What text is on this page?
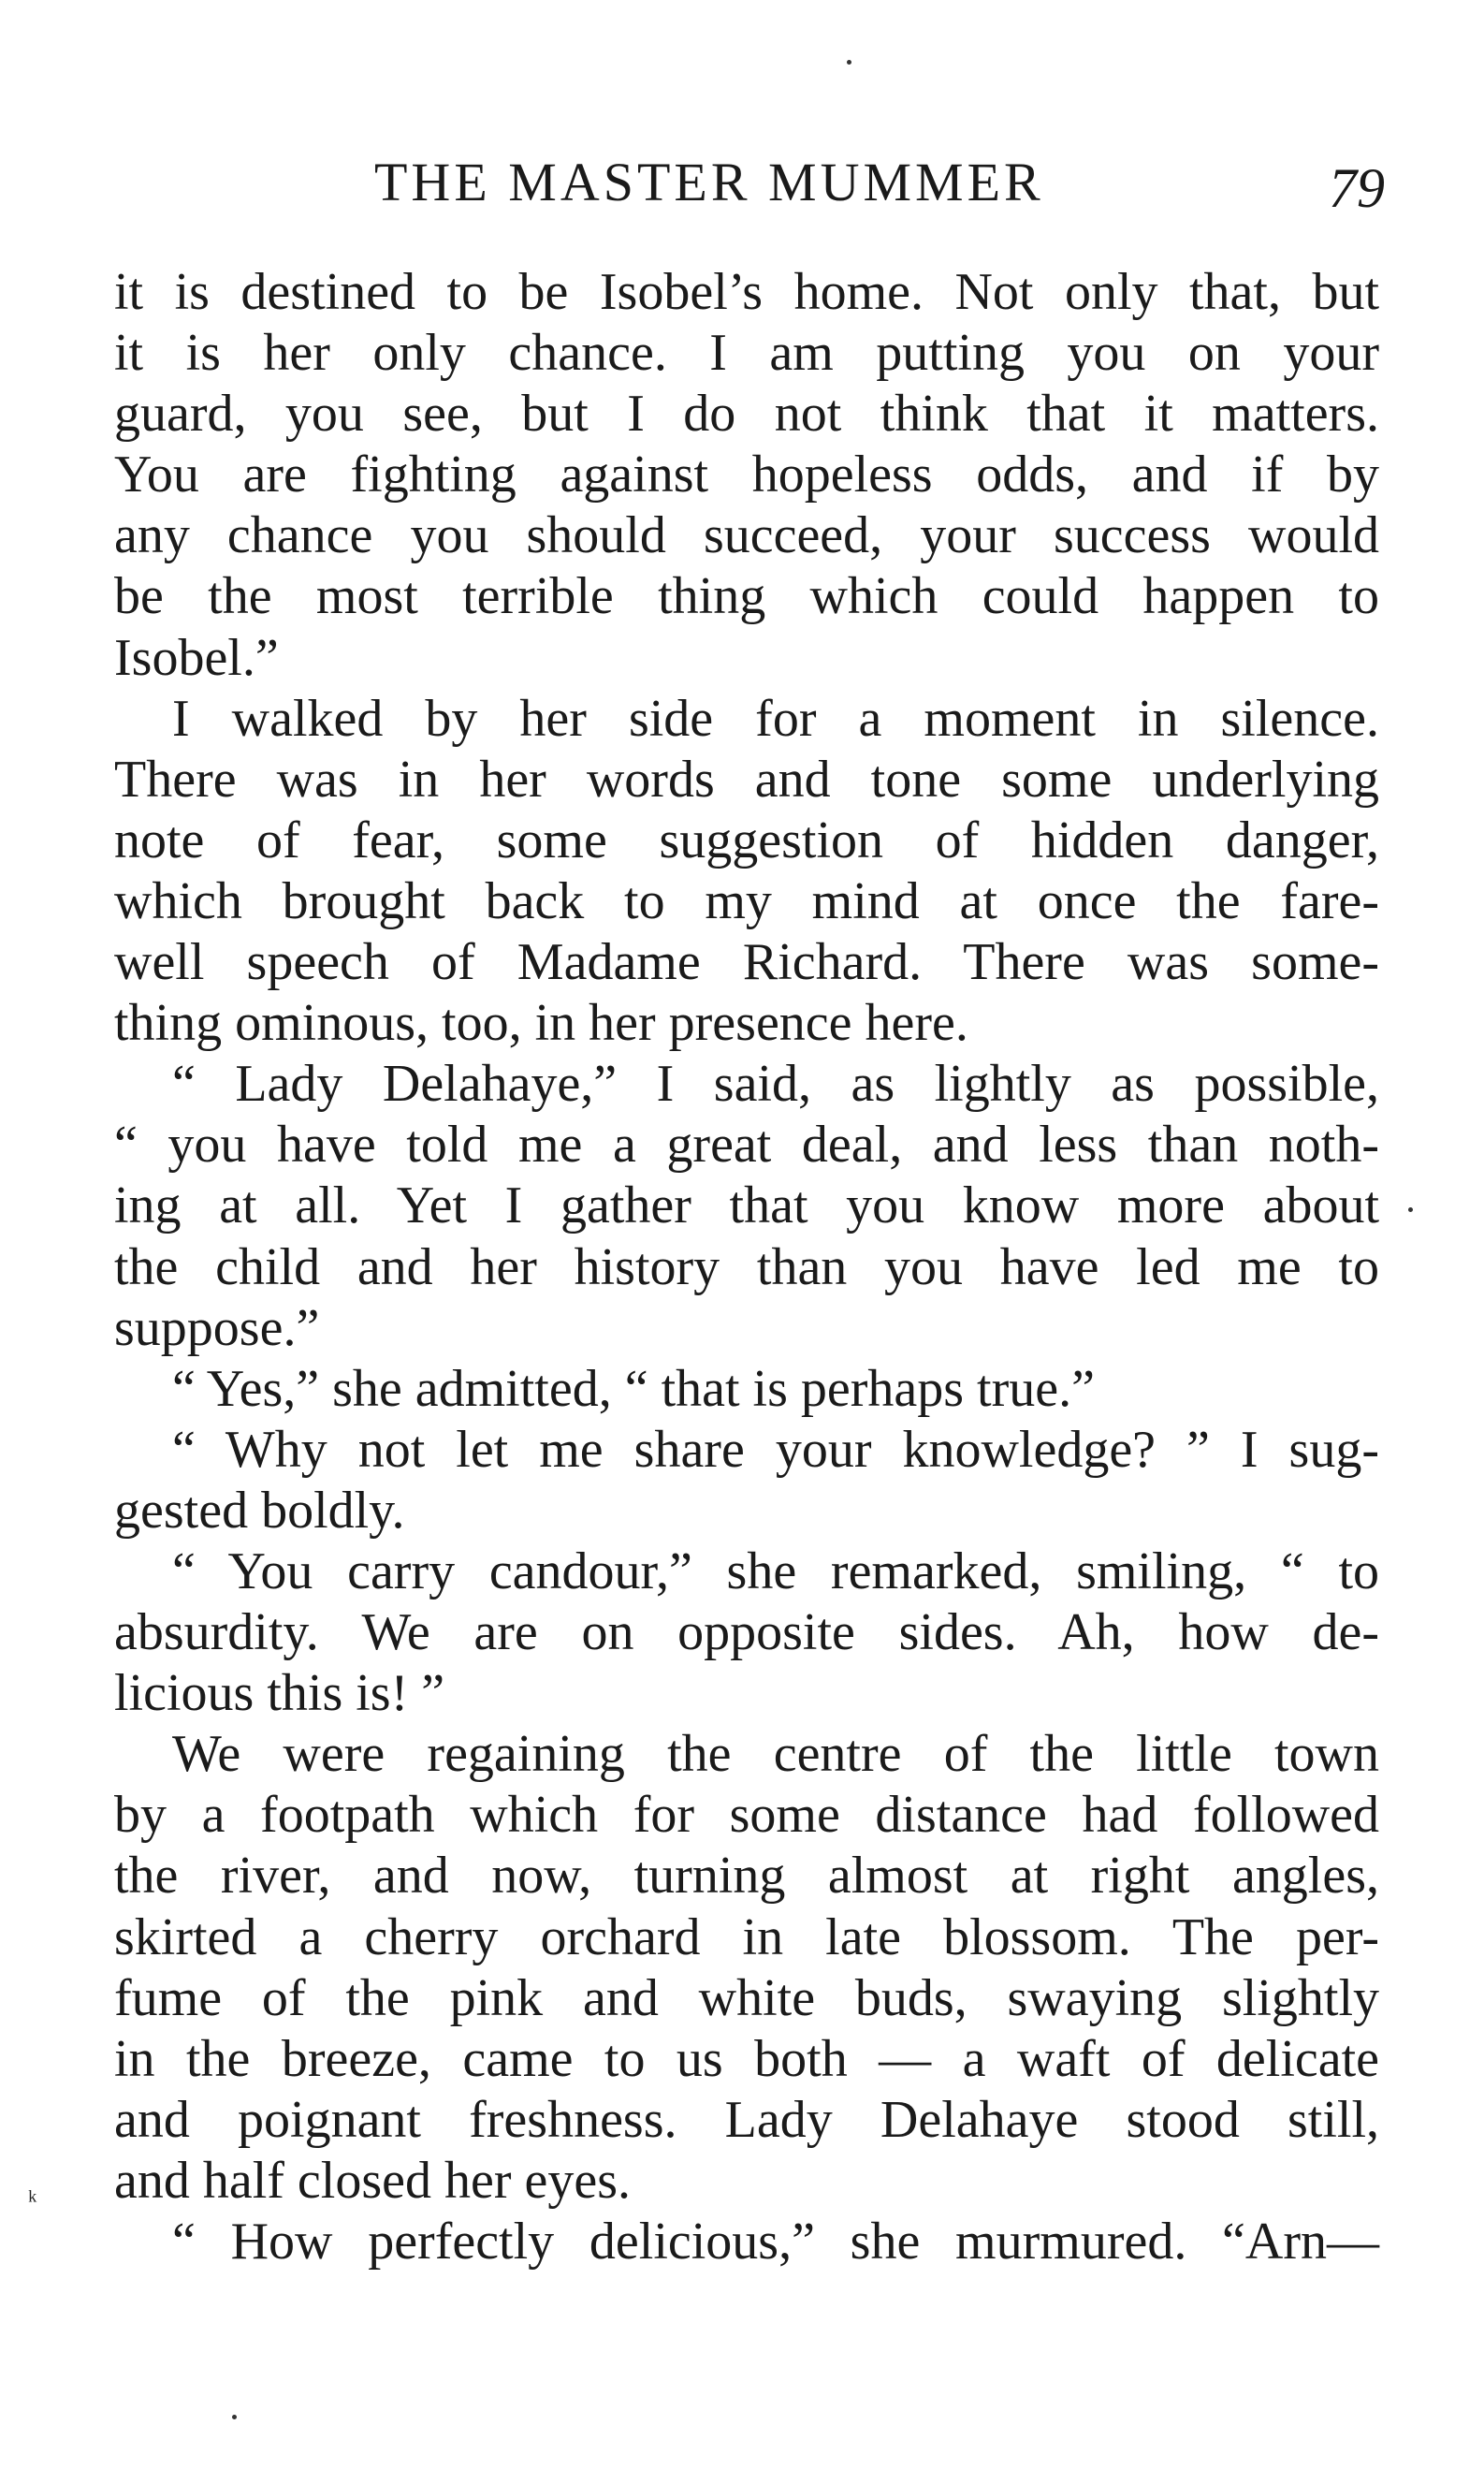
THE MASTER MUMMER	79
it is destined to be Isobel’s home. Not only that, but
it is her only chance. I am putting you on your
guard, you see, but I do not think that it matters.
You are fighting against hopeless odds, and if by
any chance you should succeed, your success would
be the most terrible thing which could happen to
Isobel.”
I walked by her side for a moment in silence.
There was in her words and tone some underlying
note of fear, some suggestion of hidden danger,
which brought back to my mind at once the fare-
well speech of Madame Richard. There was some-
thing ominous, too, in her presence here.
“ Lady Delahaye,” I said, as lightly as possible,
“ you have told me a great deal, and less than noth-
ing at all. Yet I gather that you know more about
the child and her history than you have led me to
suppose.”
“ Yes,” she admitted, “ that is perhaps true.”
“ Why not let me share your knowledge? ” I sug-
gested boldly.
“ You carry candour,” she remarked, smiling, “ to
absurdity. We are on opposite sides. Ah, how de-
licious this is! ”
We were regaining the centre of the little town
by a footpath which for some distance had followed
the river, and now, turning almost at right angles,
skirted a cherry orchard in late blossom. The per-
fume of the pink and white buds, swaying slightly
in the breeze, came to us both — a waft of delicate
and poignant freshness. Lady Delahaye stood still,
and half closed her eyes.
“ How perfectly delicious,” she murmured. “Arn—
ᵏ
